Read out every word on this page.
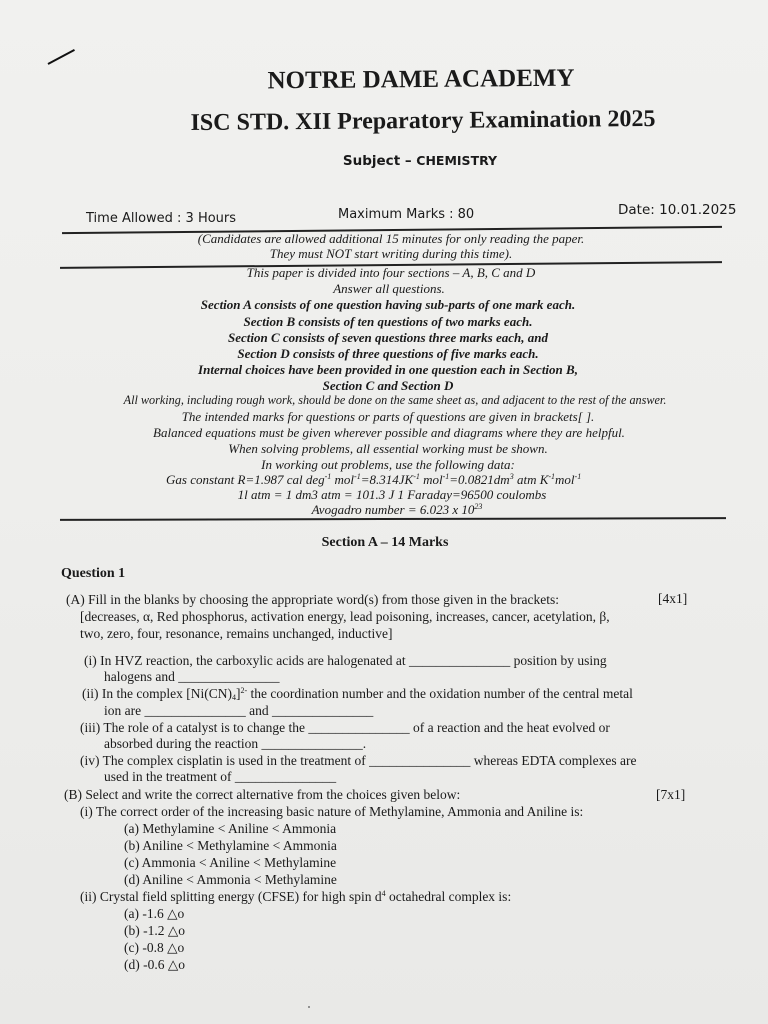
NOTRE DAME ACADEMY
ISC STD. XII Preparatory Examination 2025
Subject – CHEMISTRY
Time Allowed : 3 Hours	Maximum Marks : 80	Date: 10.01.2025
(Candidates are allowed additional 15 minutes for only reading the paper.
They must NOT start writing during this time).
This paper is divided into four sections – A, B, C and D
Answer all questions.
Section A consists of one question having sub-parts of one mark each.
Section B consists of ten questions of two marks each.
Section C consists of seven questions three marks each, and
Section D consists of three questions of five marks each.
Internal choices have been provided in one question each in Section B,
Section C and Section D
All working, including rough work, should be done on the same sheet as, and adjacent to the rest of the answer.
The intended marks for questions or parts of questions are given in brackets[ ].
Balanced equations must be given wherever possible and diagrams where they are helpful.
When solving problems, all essential working must be shown.
In working out problems, use the following data:
Gas constant R=1.987 cal deg$^{-1}$ $mol^{-1}=8.314JK^{-1}$ $mol^{-1}=0.0821dm^3$ atm $K^{-1}mol^{-1}$
1l atm = 1 dm3 atm = 101.3 J 1 Faraday=96500 coulombs
Avogadro number = 6.023 x $10^{23}$
Section A – 14 Marks
Question 1
(A) Fill in the blanks by choosing the appropriate word(s) from those given in the brackets:	[4x1]
[decreases, α, Red phosphorus, activation energy, lead poisoning, increases, cancer, acetylation, β,
two, zero, four, resonance, remains unchanged, inductive]
(i) In HVZ reaction, the carboxylic acids are halogenated at _______________ position by using
halogens and _______________
(ii) In the complex $[Ni(CN)_4]^{2-}$ the coordination number and the oxidation number of the central metal
ion are _______________ and _______________
(iii) The role of a catalyst is to change the _______________ of a reaction and the heat evolved or
absorbed during the reaction _______________.
(iv) The complex cisplatin is used in the treatment of _______________ whereas EDTA complexes are
used in the treatment of _______________
(B) Select and write the correct alternative from the choices given below:	[7x1]
(i) The correct order of the increasing basic nature of Methylamine, Ammonia and Aniline is:
(a) Methylamine < Aniline < Ammonia
(b) Aniline < Methylamine < Ammonia
(c) Ammonia < Aniline < Methylamine
(d) Aniline < Ammonia < Methylamine
(ii) Crystal field splitting energy (CFSE) for high spin $d^4$ octahedral complex is:
(a) -1.6 △o
(b) -1.2 △o
(c) -0.8 △o
(d) -0.6 △o
